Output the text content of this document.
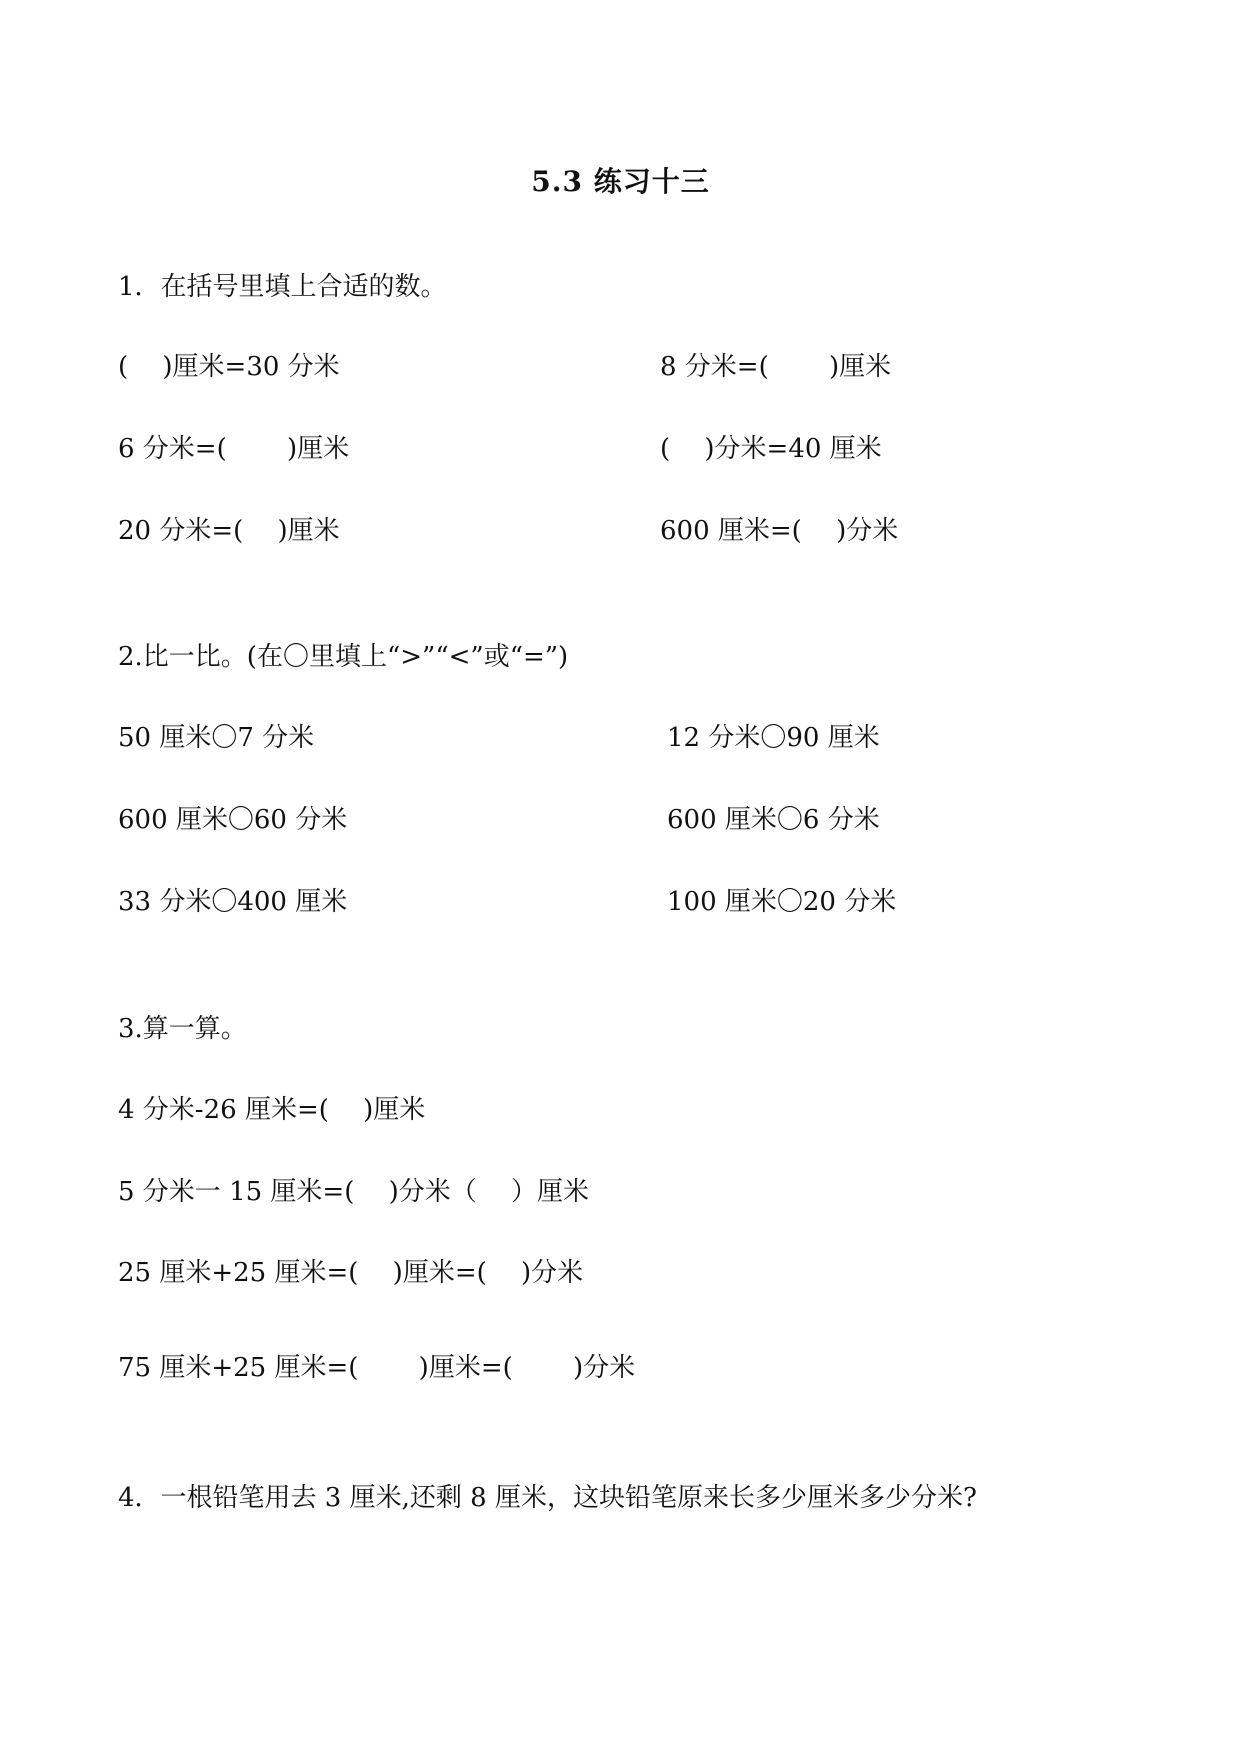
5.3 练习十三
1．在括号里填上合适的数。
(　 )厘米=30 分米	8 分米=(　　 )厘米
6 分米=(　　 )厘米	(　 )分米=40 厘米
20 分米=(　 )厘米	600 厘米=(　 )分米
2.比一比。(在〇里填上“>”“<”或“=”)
50 厘米〇7 分米	12 分米〇90 厘米
600 厘米〇60 分米	600 厘米〇6 分米
33 分米〇400 厘米	100 厘米〇20 分米
3.算一算。
4 分米-26 厘米=(　 )厘米
5 分米一 15 厘米=(　 )分米（　 ）厘米
25 厘米+25 厘米=(　 )厘米=(　 )分米
75 厘米+25 厘米=(　　 )厘米=(　　 )分米
4．一根铅笔用去 3 厘米,还剩 8 厘米，这块铅笔原来长多少厘米多少分米?
